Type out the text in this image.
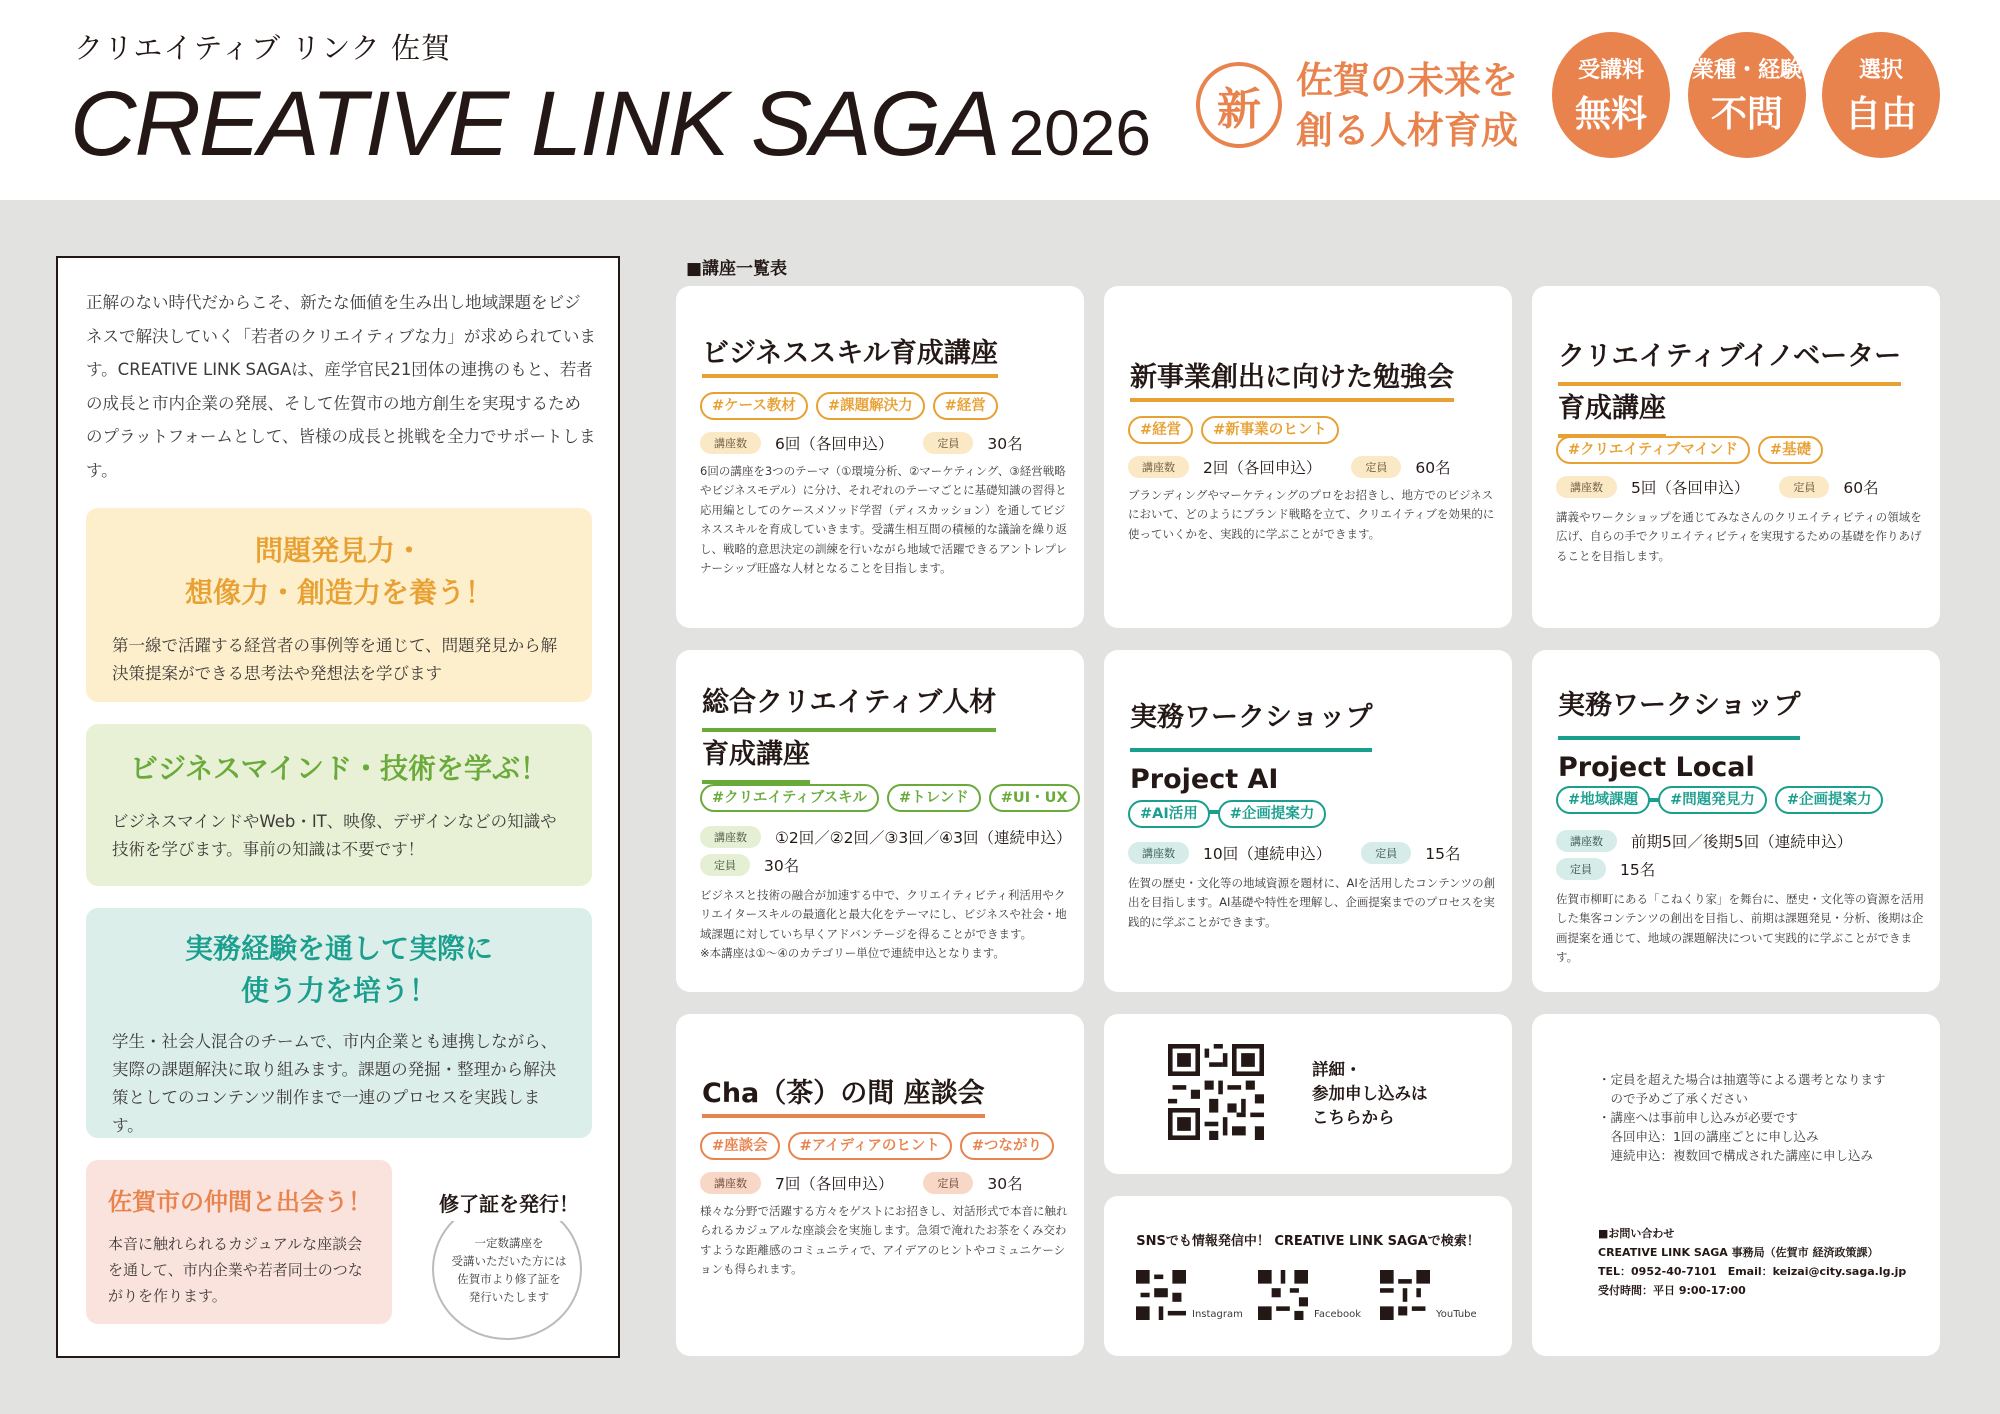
クリエイティブ リンク 佐賀
CREATIVE LINK SAGA 2026	新
佐賀の未来を
創る人材育成
受講料
無料
業種・経験
不問
選択
自由
正解のない時代だからこそ、新たな価値を生み出し地域課題をビジネスで解決していく「若者のクリエイティブな力」が求められています。CREATIVE LINK SAGAは、産学官民21団体の連携のもと、若者の成長と市内企業の発展、そして佐賀市の地方創生を実現するためのプラットフォームとして、皆様の成長と挑戦を全力でサポートします。
問題発見力・
想像力・創造力を養う！

第一線で活躍する経営者の事例等を通じて、問題発見から解決策提案ができる思考法や発想法を学びます

ビジネスマインド・技術を学ぶ！

ビジネスマインドやWeb・IT、映像、デザインなどの知識や技術を学びます。事前の知識は不要です！

実務経験を通して実際に
使う力を培う！

学生・社会人混合のチームで、市内企業とも連携しながら、実際の課題解決に取り組みます。課題の発掘・整理から解決策としてのコンテンツ制作まで一連のプロセスを実践します。

佐賀市の仲間と出会う！

本音に触れられるカジュアルな座談会を通して、市内企業や若者同士のつながりを作ります。

修了証を発行！

一定数講座を
受講いただいた方には
佐賀市より修了証を
発行いたします

■講座一覧表
ビジネススキル育成講座
#ケース教材	#課題解決力	#経営
講座数	6回（各回申込）	定員	30名
6回の講座を3つのテーマ（①環境分析、②マーケティング、③経営戦略やビジネスモデル）に分け、それぞれのテーマごとに基礎知識の習得と応用編としてのケースメソッド学習（ディスカッション）を通してビジネススキルを育成していきます。受講生相互間の積極的な議論を繰り返し、戦略的意思決定の訓練を行いながら地域で活躍できるアントレプレナーシップ旺盛な人材となることを目指します。
新事業創出に向けた勉強会
#経営	#新事業のヒント
講座数	2回（各回申込）	定員	60名
ブランディングやマーケティングのプロをお招きし、地方でのビジネスにおいて、どのようにブランド戦略を立て、クリエイティブを効果的に使っていくかを、実践的に学ぶことができます。
クリエイティブイノベーター
育成講座
#クリエイティブマインド	#基礎
講座数	5回（各回申込）	定員	60名
講義やワークショップを通じてみなさんのクリエイティビティの領域を広げ、自らの手でクリエイティビティを実現するための基礎を作りあげることを目指します。
総合クリエイティブ人材
育成講座
#クリエイティブスキル	#トレンド	#UI・UX
講座数	①2回／②2回／③3回／④3回（連続申込）
定員	30名
ビジネスと技術の融合が加速する中で、クリエイティビティ利活用やクリエイタースキルの最適化と最大化をテーマにし、ビジネスや社会・地域課題に対していち早くアドバンテージを得ることができます。
※本講座は①〜④のカテゴリー単位で連続申込となります。
実務ワークショップ
Project AI
#AI活用	#企画提案力
講座数	10回（連続申込）	定員	15名
佐賀の歴史・文化等の地域資源を題材に、AIを活用したコンテンツの創出を目指します。AI基礎や特性を理解し、企画提案までのプロセスを実践的に学ぶことができます。
実務ワークショップ
Project Local
#地域課題	#問題発見力	#企画提案力
講座数	前期5回／後期5回（連続申込）
定員	15名
佐賀市柳町にある「こねくり家」を舞台に、歴史・文化等の資源を活用した集客コンテンツの創出を目指し、前期は課題発見・分析、後期は企画提案を通じて、地域の課題解決について実践的に学ぶことができます。
Cha（茶）の間 座談会
#座談会	#アイディアのヒント	#つながり
講座数	7回（各回申込）	定員	30名
様々な分野で活躍する方々をゲストにお招きし、対話形式で本音に触れられるカジュアルな座談会を実施します。急須で淹れたお茶をくみ交わすような距離感のコミュニティで、アイデアのヒントやコミュニケーションも得られます。
詳細・
参加申し込みは
こちらから
SNSでも情報発信中！ CREATIVE LINK SAGAで検索！
Instagram	Facebook	YouTube
・定員を超えた場合は抽選等による選考となります
　ので予めご了承ください
・講座へは事前申し込みが必要です
　各回申込：1回の講座ごとに申し込み
　連続申込：複数回で構成された講座に申し込み
■お問い合わせ
CREATIVE LINK SAGA 事務局（佐賀市 経済政策課）
TEL：0952-40-7101　Email：keizai@city.saga.lg.jp
受付時間：平日 9:00-17:00
